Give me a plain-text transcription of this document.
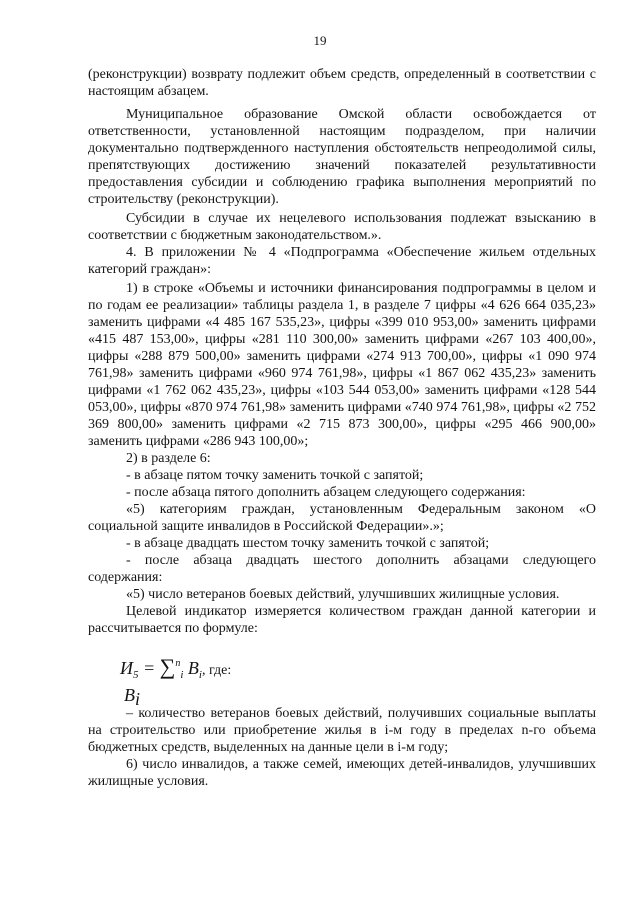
19

(реконструкции) возврату подлежит объем средств, определенный в соответствии с настоящим абзацем.

Муниципальное образование Омской области освобождается от ответственности, установленной настоящим подразделом, при наличии документально подтвержденного наступления обстоятельств непреодолимой силы, препятствующих достижению значений показателей результативности предоставления субсидии и соблюдению графика выполнения мероприятий по строительству (реконструкции).

Субсидии в случае их нецелевого использования подлежат взысканию в соответствии с бюджетным законодательством.».

4. В приложении № 4 «Подпрограмма «Обеспечение жильем отдельных категорий граждан»:

1) в строке «Объемы и источники финансирования подпрограммы в целом и по годам ее реализации» таблицы раздела 1, в разделе 7 цифры «4 626 664 035,23» заменить цифрами «4 485 167 535,23», цифры «399 010 953,00» заменить цифрами «415 487 153,00», цифры «281 110 300,00» заменить цифрами «267 103 400,00», цифры «288 879 500,00» заменить цифрами «274 913 700,00», цифры «1 090 974 761,98» заменить цифрами «960 974 761,98», цифры «1 867 062 435,23» заменить цифрами «1 762 062 435,23», цифры «103 544 053,00» заменить цифрами «128 544 053,00», цифры «870 974 761,98» заменить цифрами «740 974 761,98», цифры «2 752 369 800,00» заменить цифрами «2 715 873 300,00», цифры «295 466 900,00» заменить цифрами «286 943 100,00»;

2) в разделе 6:

- в абзаце пятом точку заменить точкой с запятой;

- после абзаца пятого дополнить абзацем следующего содержания:

«5) категориям граждан, установленным Федеральным законом «О социальной защите инвалидов в Российской Федерации».»;

- в абзаце двадцать шестом точку заменить точкой с запятой;

- после абзаца двадцать шестого дополнить абзацами следующего содержания:

«5) число ветеранов боевых действий, улучшивших жилищные условия.

Целевой индикатор измеряется количеством граждан данной категории и рассчитывается по формуле:

$И_5 = \sum^n_i$ $B_i$, где:
$B_i$

– количество ветеранов боевых действий, получивших социальные выплаты на строительство или приобретение жилья в i-м году в пределах n-го объема бюджетных средств, выделенных на данные цели в i-м году;

6) число инвалидов, а также семей, имеющих детей-инвалидов, улучшивших жилищные условия.
